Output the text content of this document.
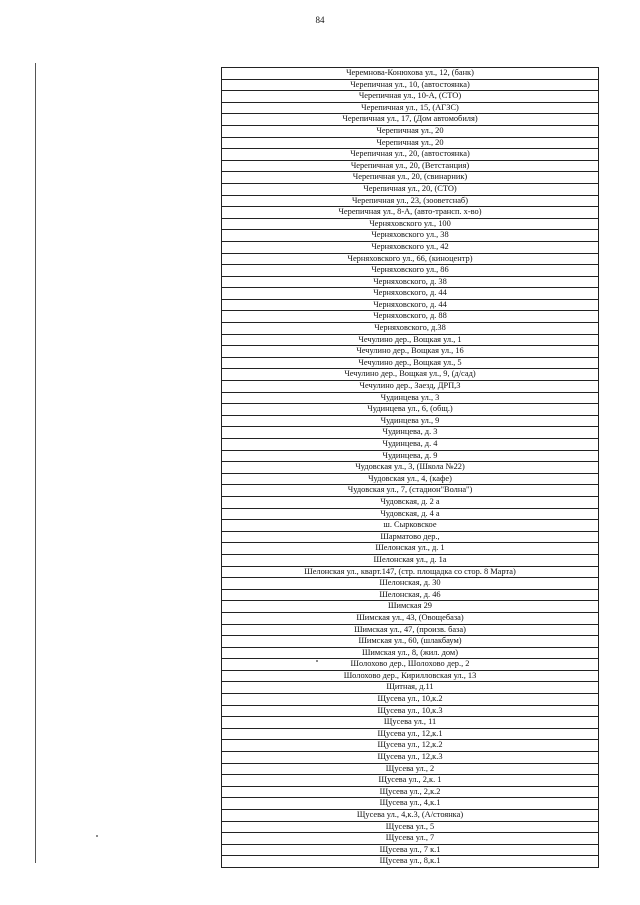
84
Черемнова-Конюхова ул., 12, (банк)
Черепичная ул., 10, (автостоянка)
Черепичная ул., 10-А, (СТО)
Черепичная ул., 15, (АГЗС)
Черепичная ул., 17, (Дом автомобиля)
Черепичная ул., 20
Черепичная ул., 20
Черепичная ул., 20, (автостоянка)
Черепичная ул., 20, (Ветстанция)
Черепичная ул., 20, (свинарник)
Черепичная ул., 20, (СТО)
Черепичная ул., 23, (зооветснаб)
Черепичная ул., 8-А, (авто-трансп. х-во)
Черняховского ул., 100
Черняховского ул., 38
Черняховского ул., 42
Черняховского ул., 66, (киноцентр)
Черняховского ул., 86
Черняховского, д. 38
Черняховского, д. 44
Черняховского, д. 44
Черняховского, д. 88
Черняховского, д.38
Чечулино дер., Вощкая ул., 1
Чечулино дер., Вощкая ул., 16
Чечулино дер., Вощкая ул., 5
Чечулино дер., Вощкая ул., 9, (д/сад)
Чечулино дер., Заезд, ДРП,3
Чудинцева ул., 3
Чудинцева ул., 6, (общ.)
Чудинцева ул., 9
Чудинцева, д. 3
Чудинцева, д. 4
Чудинцева, д. 9
Чудовская ул., 3, (Школа №22)
Чудовская ул., 4, (кафе)
Чудовская ул., 7, (стадион"Волна")
Чудовская, д. 2 а
Чудовская, д. 4 а
ш. Сырковское
Шарматово дер.,
Шелонская ул., д. 1
Шелонская ул., д. 1а
Шелонская ул., кварт.147, (стр. площадка со стор. 8 Марта)
Шелонская, д. 30
Шелонская, д. 46
Шимская 29
Шимская ул., 43, (Овощебаза)
Шимская ул., 47, (произв. база)
Шимская ул., 60, (шлакбаум)
Шимская ул., 8, (жил. дом)
Шолохово дер., Шолохово дер., 2
Шолохово дер., Кирилловская ул., 13
Щитная, д.11
Щусева ул., 10,к.2
Щусева ул., 10,к.3
Щусева ул., 11
Щусева ул., 12,к.1
Щусева ул., 12,к.2
Щусева ул., 12,к.3
Щусева ул., 2
Щусева ул., 2,к. 1
Щусева ул., 2,к.2
Щусева ул., 4,к.1
Щусева ул., 4,к.3, (А/стоянка)
Щусева ул., 5
Щусева ул., 7
Щусева ул., 7 к.1
Щусева ул., 8,к.1
